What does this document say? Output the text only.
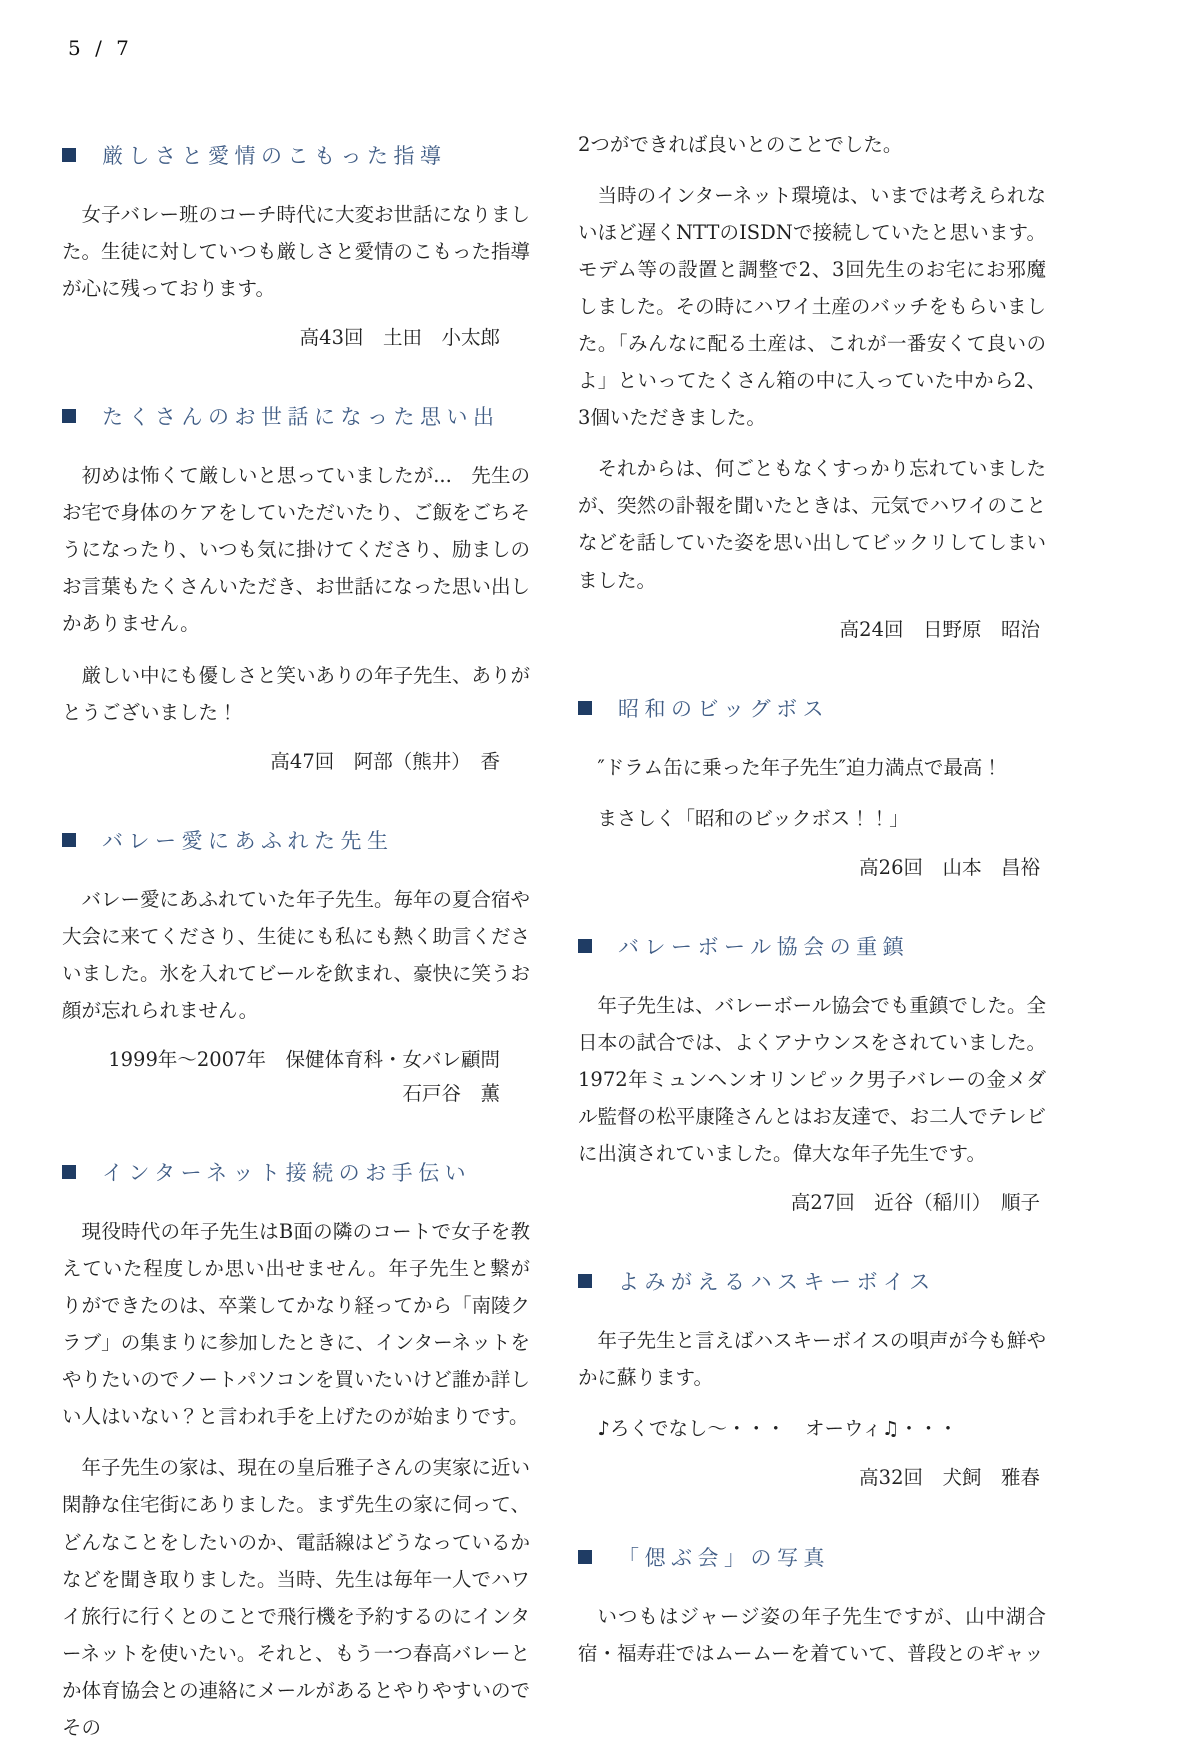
5 / 7
厳しさと愛情のこもった指導

女子バレー班のコーチ時代に大変お世話になりました。生徒に対していつも厳しさと愛情のこもった指導が心に残っております。

高43回　土田　小太郎

たくさんのお世話になった思い出

初めは怖くて厳しいと思っていましたが...　先生のお宅で身体のケアをしていただいたり、ご飯をごちそうになったり、いつも気に掛けてくださり、励ましのお言葉もたくさんいただき、お世話になった思い出しかありません。

厳しい中にも優しさと笑いありの年子先生、ありがとうございました！

高47回　阿部（熊井）　香

バレー愛にあふれた先生

バレー愛にあふれていた年子先生。毎年の夏合宿や大会に来てくださり、生徒にも私にも熱く助言くださいました。氷を入れてビールを飲まれ、豪快に笑うお顔が忘れられません。

1999年～2007年　保健体育科・女バレ顧問

石戸谷　薫

インターネット接続のお手伝い

現役時代の年子先生はB面の隣のコートで女子を教えていた程度しか思い出せません。年子先生と繋がりができたのは、卒業してかなり経ってから「南陵クラブ」の集まりに参加したときに、インターネットをやりたいのでノートパソコンを買いたいけど誰か詳しい人はいない？と言われ手を上げたのが始まりです。

年子先生の家は、現在の皇后雅子さんの実家に近い閑静な住宅街にありました。まず先生の家に伺って、どんなことをしたいのか、電話線はどうなっているかなどを聞き取りました。当時、先生は毎年一人でハワイ旅行に行くとのことで飛行機を予約するのにインターネットを使いたい。それと、もう一つ春高バレーとか体育協会との連絡にメールがあるとやりやすいのでその

2つができれば良いとのことでした。

当時のインターネット環境は、いまでは考えられないほど遅くNTTのISDNで接続していたと思います。モデム等の設置と調整で2、3回先生のお宅にお邪魔しました。その時にハワイ土産のバッチをもらいました。「みんなに配る土産は、これが一番安くて良いのよ」といってたくさん箱の中に入っていた中から2、3個いただきました。

それからは、何ごともなくすっかり忘れていましたが、突然の訃報を聞いたときは、元気でハワイのことなどを話していた姿を思い出してビックリしてしまいました。

高24回　日野原　昭治

昭和のビッグボス

″ドラム缶に乗った年子先生″迫力満点で最高！

まさしく「昭和のビックボス！！」

高26回　山本　昌裕

バレーボール協会の重鎮

年子先生は、バレーボール協会でも重鎮でした。全日本の試合では、よくアナウンスをされていました。1972年ミュンヘンオリンピック男子バレーの金メダル監督の松平康隆さんとはお友達で、お二人でテレビに出演されていました。偉大な年子先生です。

高27回　近谷（稲川）　順子

よみがえるハスキーボイス

年子先生と言えばハスキーボイスの唄声が今も鮮やかに蘇ります。

♪ろくでなし～・・・　オーウィ♫・・・

高32回　犬飼　雅春

「偲ぶ会」の写真

いつもはジャージ姿の年子先生ですが、山中湖合宿・福寿荘ではムームーを着ていて、普段とのギャッ
